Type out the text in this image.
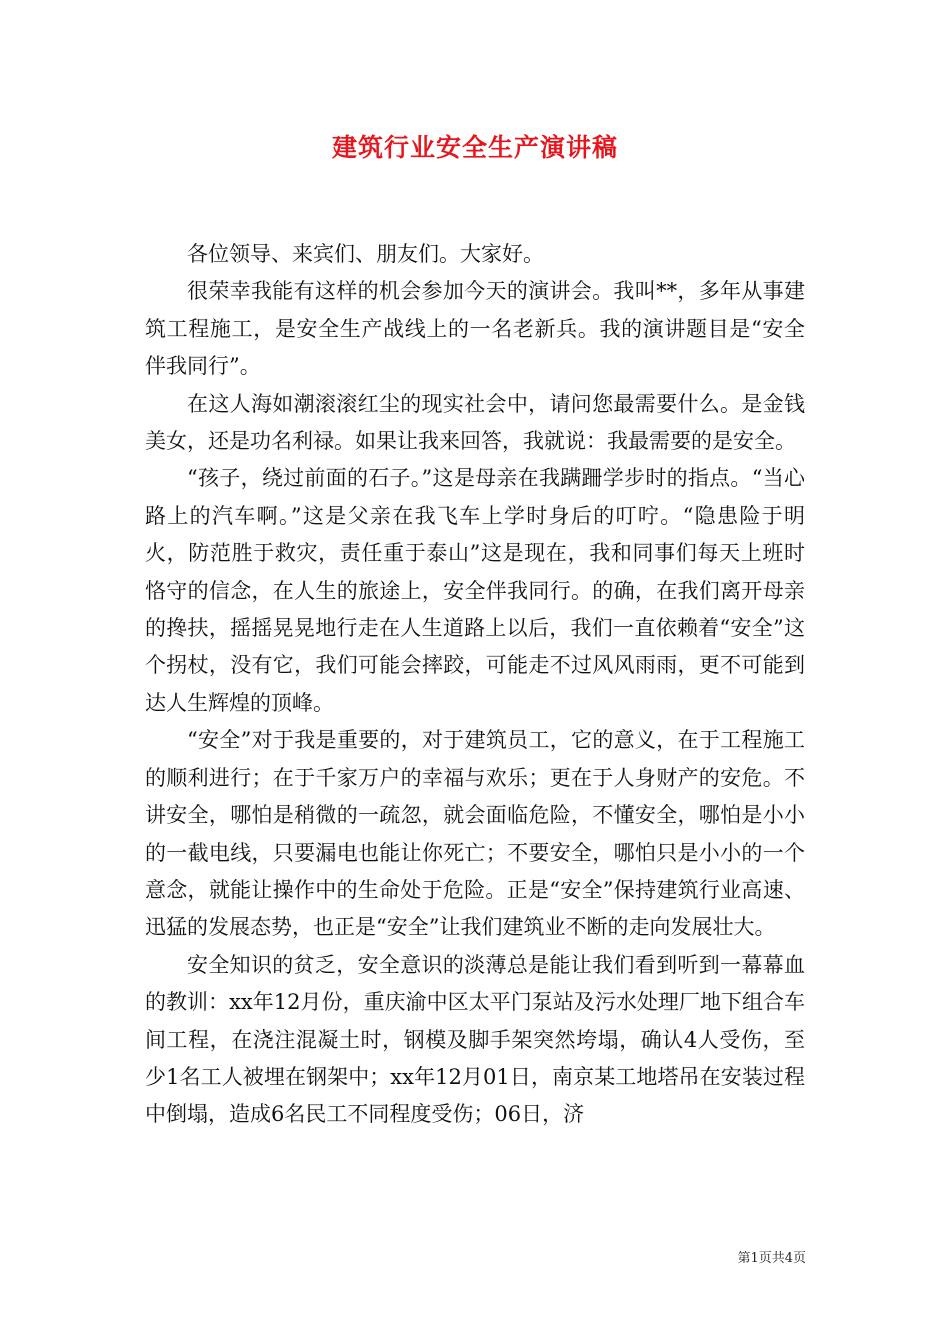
建筑行业安全生产演讲稿

各位领导、来宾们、朋友们。大家好。

很荣幸我能有这样的机会参加今天的演讲会。我叫**，多年从事建筑工程施工，是安全生产战线上的一名老新兵。我的演讲题目是“安全伴我同行”。

在这人海如潮滚滚红尘的现实社会中，请问您最需要什么。是金钱美女，还是功名利禄。如果让我来回答，我就说：我最需要的是安全。

“孩子，绕过前面的石子。”这是母亲在我蹒跚学步时的指点。“当心路上的汽车啊。”这是父亲在我飞车上学时身后的叮咛。“隐患险于明火，防范胜于救灾，责任重于泰山”这是现在，我和同事们每天上班时恪守的信念，在人生的旅途上，安全伴我同行。的确，在我们离开母亲的搀扶，摇摇晃晃地行走在人生道路上以后，我们一直依赖着“安全”这个拐杖，没有它，我们可能会摔跤，可能走不过风风雨雨，更不可能到达人生辉煌的顶峰。

“安全”对于我是重要的，对于建筑员工，它的意义，在于工程施工的顺利进行；在于千家万户的幸福与欢乐；更在于人身财产的安危。不讲安全，哪怕是稍微的一疏忽，就会面临危险，不懂安全，哪怕是小小的一截电线，只要漏电也能让你死亡；不要安全，哪怕只是小小的一个意念，就能让操作中的生命处于危险。正是“安全”保持建筑行业高速、迅猛的发展态势，也正是“安全”让我们建筑业不断的走向发展壮大。

安全知识的贫乏，安全意识的淡薄总是能让我们看到听到一幕幕血的教训：xx年12月份，重庆渝中区太平门泵站及污水处理厂地下组合车间工程，在浇注混凝土时，钢模及脚手架突然垮塌，确认4人受伤，至少1名工人被埋在钢架中；xx年12月01日，南京某工地塔吊在安装过程中倒塌，造成6名民工不同程度受伤；06日，济

第1页共4页
